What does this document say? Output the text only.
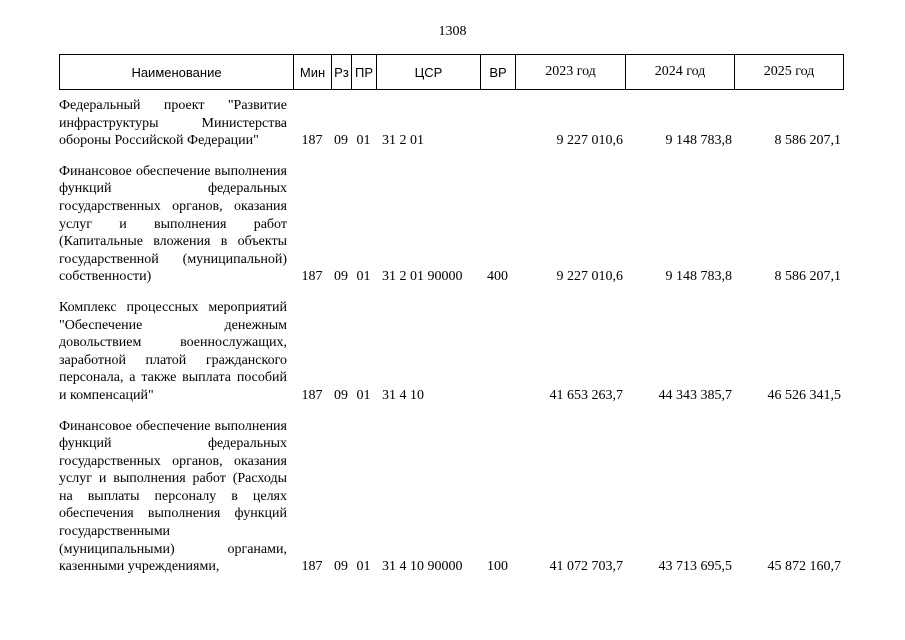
1308
Наименование	Мин	Рз	ПР	ЦСР	ВР	2023 год	2024 год	2025 год
Федеральный проект "Развитие инфраструктуры Министерства обороны Российской Федерации"	187	09	01	31 2 01		9 227 010,6	9 148 783,8	8 586 207,1
Финансовое обеспечение выполнения функций федеральных государственных органов, оказания услуг и выполнения работ (Капитальные вложения в объекты государственной (муниципальной) собственности)	187	09	01	31 2 01 90000	400	9 227 010,6	9 148 783,8	8 586 207,1
Комплекс процессных мероприятий "Обеспечение денежным довольствием военнослужащих, заработной платой гражданского персонала, а также выплата пособий и компенсаций"	187	09	01	31 4 10		41 653 263,7	44 343 385,7	46 526 341,5
Финансовое обеспечение выполнения функций федеральных государственных органов, оказания услуг и выполнения работ (Расходы на выплаты персоналу в целях обеспечения выполнения функций государственными (муниципальными) органами, казенными учреждениями,	187	09	01	31 4 10 90000	100	41 072 703,7	43 713 695,5	45 872 160,7
